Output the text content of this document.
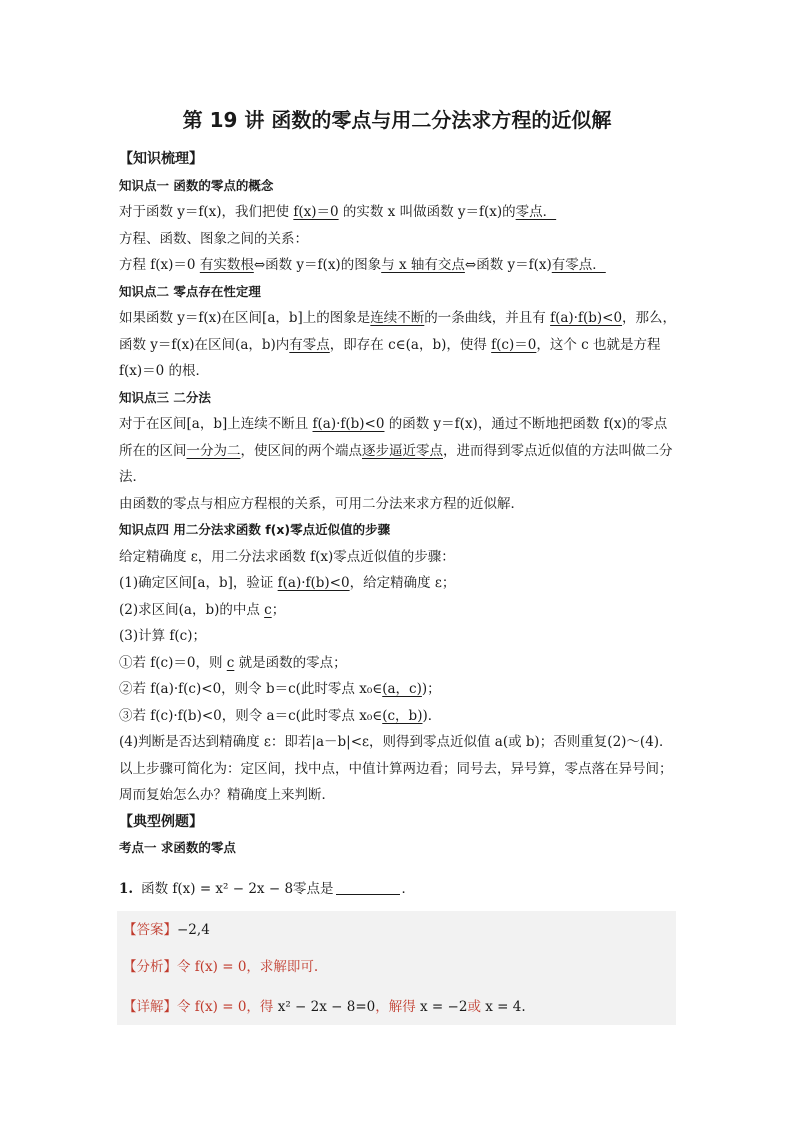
第 19 讲 函数的零点与用二分法求方程的近似解
【知识梳理】
知识点一 函数的零点的概念
对于函数 y＝f(x)，我们把使 f(x)＝0 的实数 x 叫做函数 y＝f(x)的零点．
方程、函数、图象之间的关系：
方程 f(x)＝0 有实数根⇔函数 y＝f(x)的图象与 x 轴有交点⇔函数 y＝f(x)有零点．
知识点二 零点存在性定理
如果函数 y＝f(x)在区间[a，b]上的图象是连续不断的一条曲线，并且有 f(a)·f(b)<0，那么，函数 y＝f(x)在区间(a，b)内有零点，即存在 c∈(a，b)，使得 f(c)＝0，这个 c 也就是方程 f(x)＝0 的根．
知识点三 二分法
对于在区间[a，b]上连续不断且 f(a)·f(b)<0 的函数 y＝f(x)，通过不断地把函数 f(x)的零点所在的区间一分为二，使区间的两个端点逐步逼近零点，进而得到零点近似值的方法叫做二分法．
由函数的零点与相应方程根的关系，可用二分法来求方程的近似解．
知识点四 用二分法求函数 f(x)零点近似值的步骤
给定精确度 ε，用二分法求函数 f(x)零点近似值的步骤：
(1)确定区间[a，b]，验证 f(a)·f(b)<0，给定精确度 ε；
(2)求区间(a，b)的中点 c；
(3)计算 f(c)；
①若 f(c)＝0，则 c 就是函数的零点；
②若 f(a)·f(c)<0，则令 b＝c(此时零点 x₀∈(a，c))；
③若 f(c)·f(b)<0，则令 a＝c(此时零点 x₀∈(c，b))．
(4)判断是否达到精确度 ε：即若|a－b|<ε，则得到零点近似值 a(或 b)；否则重复(2)～(4)．
以上步骤可简化为：定区间，找中点，中值计算两边看；同号去，异号算，零点落在异号间；周而复始怎么办？精确度上来判断．
【典型例题】
考点一 求函数的零点
1. 函数 f(x) = x² − 2x − 8零点是	．
【答案】−2,4
【分析】令 f(x) = 0，求解即可.
【详解】令 f(x) = 0，得 x² − 2x − 8=0，解得 x = −2或 x = 4.
